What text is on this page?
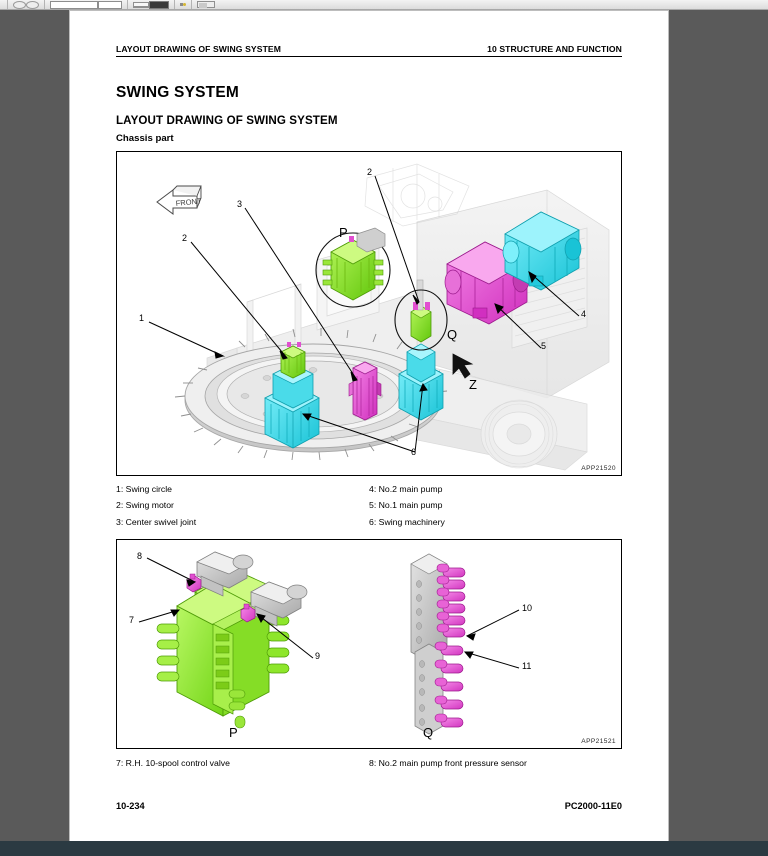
LAYOUT DRAWING OF SWING SYSTEM	10 STRUCTURE AND FUNCTION
SWING SYSTEM
LAYOUT DRAWING OF SWING SYSTEM
Chassis part
FRONT
1
2
2
3
4
5
6
P
Q
Z
APP21520
1: Swing circle	4: No.2 main pump
2: Swing motor	5: No.1 main pump
3: Center swivel joint	6: Swing machinery
8
7
9
10
11
P	Q
APP21521
7: R.H. 10-spool control valve	8: No.2 main pump front pressure sensor
10-234	PC2000-11E0
